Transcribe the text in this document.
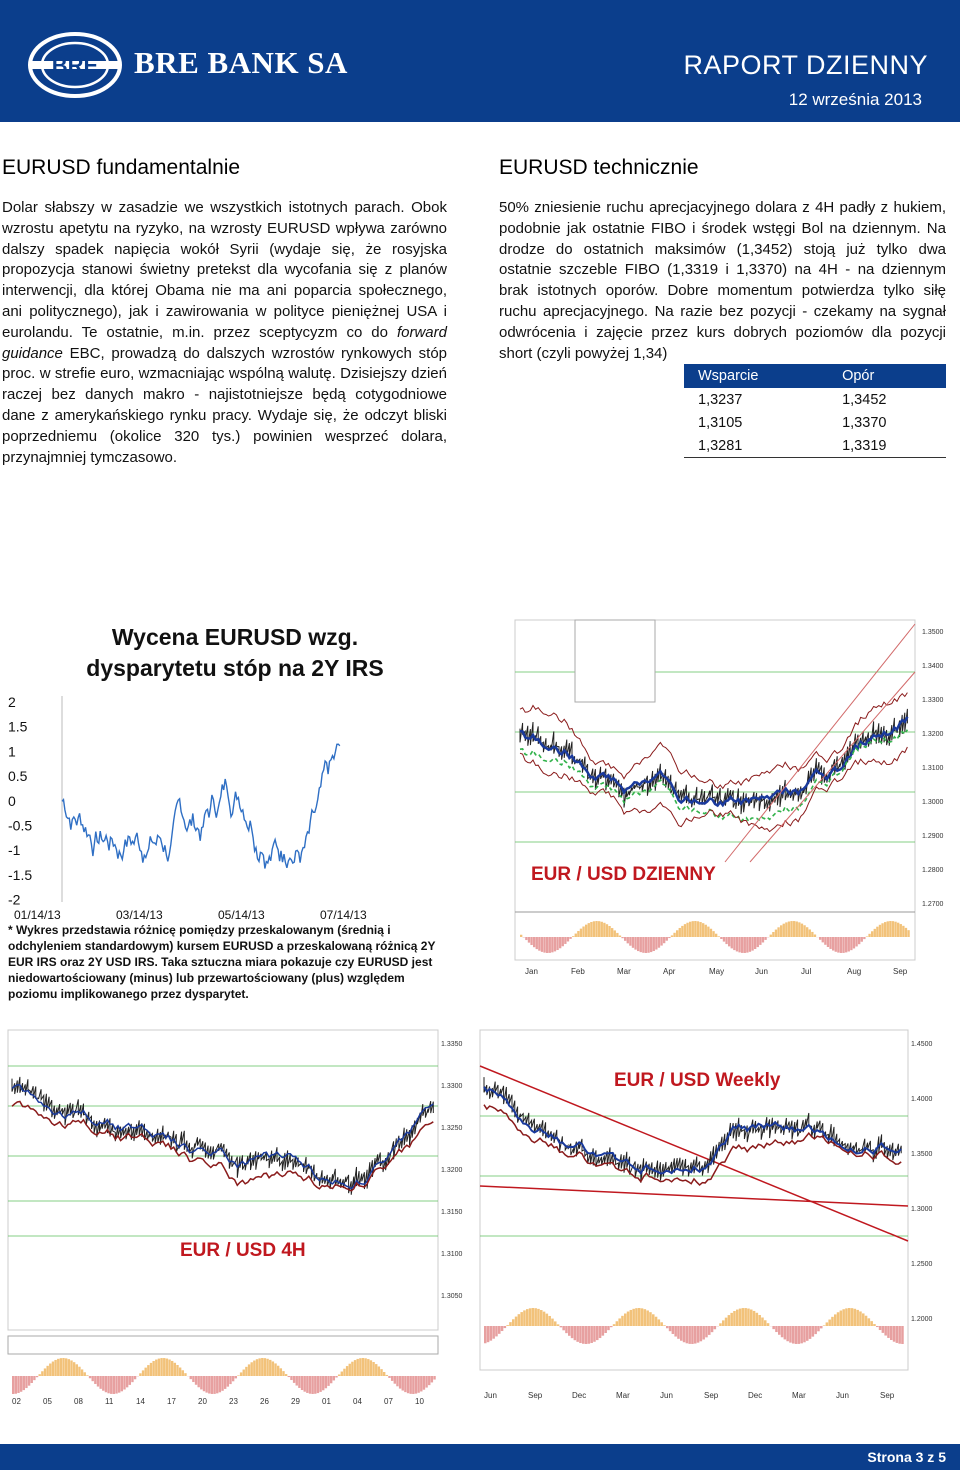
BRE BRE BANK SA	RAPORT DZIENNY
12 września 2013
EURUSD fundamentalnie
Dolar słabszy w zasadzie we wszystkich istotnych parach. Obok wzrostu apetytu na ryzyko, na wzrosty EURUSD wpływa zarówno dalszy spadek napięcia wokół Syrii (wydaje się, że rosyjska propozycja stanowi świetny pretekst dla wycofania się z planów interwencji, dla której Obama nie ma ani poparcia społecznego, ani politycznego), jak i zawirowania w polityce pieniężnej USA i eurolandu. Te ostatnie, m.in. przez sceptycyzm co do forward guidance EBC, prowadzą do dalszych wzrostów rynkowych stóp proc. w strefie euro, wzmacniając wspólną walutę. Dzisiejszy dzień raczej bez danych makro - najistotniejsze będą cotygodniowe dane z amerykańskiego rynku pracy. Wydaje się, że odczyt bliski poprzedniemu (okolice 320 tys.) powinien wesprzeć dolara, przynajmniej tymczasowo.
EURUSD technicznie
50% zniesienie ruchu aprecjacyjnego dolara z 4H padły z hukiem, podobnie jak ostatnie FIBO i środek wstęgi Bol na dziennym. Na drodze do ostatnich maksimów (1,3452) stoją już tylko dwa ostatnie szczeble FIBO (1,3319 i 1,3370) na 4H - na dziennym brak istotnych oporów. Dobre momentum potwierdza tylko siłę ruchu aprecjacyjnego. Na razie bez pozycji - czekamy na sygnał odwrócenia i zajęcie przez kurs dobrych poziomów dla pozycji short (czyli powyżej 1,34)
Wsparcie	Opór
1,3237	1,3452
1,3105	1,3370
1,3281	1,3319
Wycena EURUSD wzg.
dysparytetu stóp na 2Y IRS
2
1.5
1
0.5
0
-0.5
-1
-1.5
-2
01/14/13	03/14/13	05/14/13	07/14/13
* Wykres przedstawia różnicę pomiędzy przeskalowanym (średnią i odchyleniem standardowym) kursem EURUSD a przeskalowaną różnicą 2Y EUR IRS oraz 2Y USD IRS. Taka sztuczna miara pokazuje czy EURUSD jest niedowartościowany (minus) lub przewartościowany (plus) względem poziomu implikowanego przez dysparytet.
1.3500
1.3400
1.3300
1.3200
1.3100
1.3000
1.2900
1.2800
1.2700
Jan	Feb	Mar	Apr	May	Jun	Jul	Aug	Sep
EUR / USD DZIENNY
1.3350
1.3300
1.3250
1.3200
1.3150
1.3100
1.3050
02	05	08	11	14	17	20	23	26	29	01	04	07	10
EUR / USD 4H
1.4500
1.4000
1.3500
1.3000
1.2500
1.2000
Jun	Sep	Dec	Mar	Jun	Sep	Dec	Mar	Jun	Sep
EUR / USD Weekly
Strona 3 z 5
